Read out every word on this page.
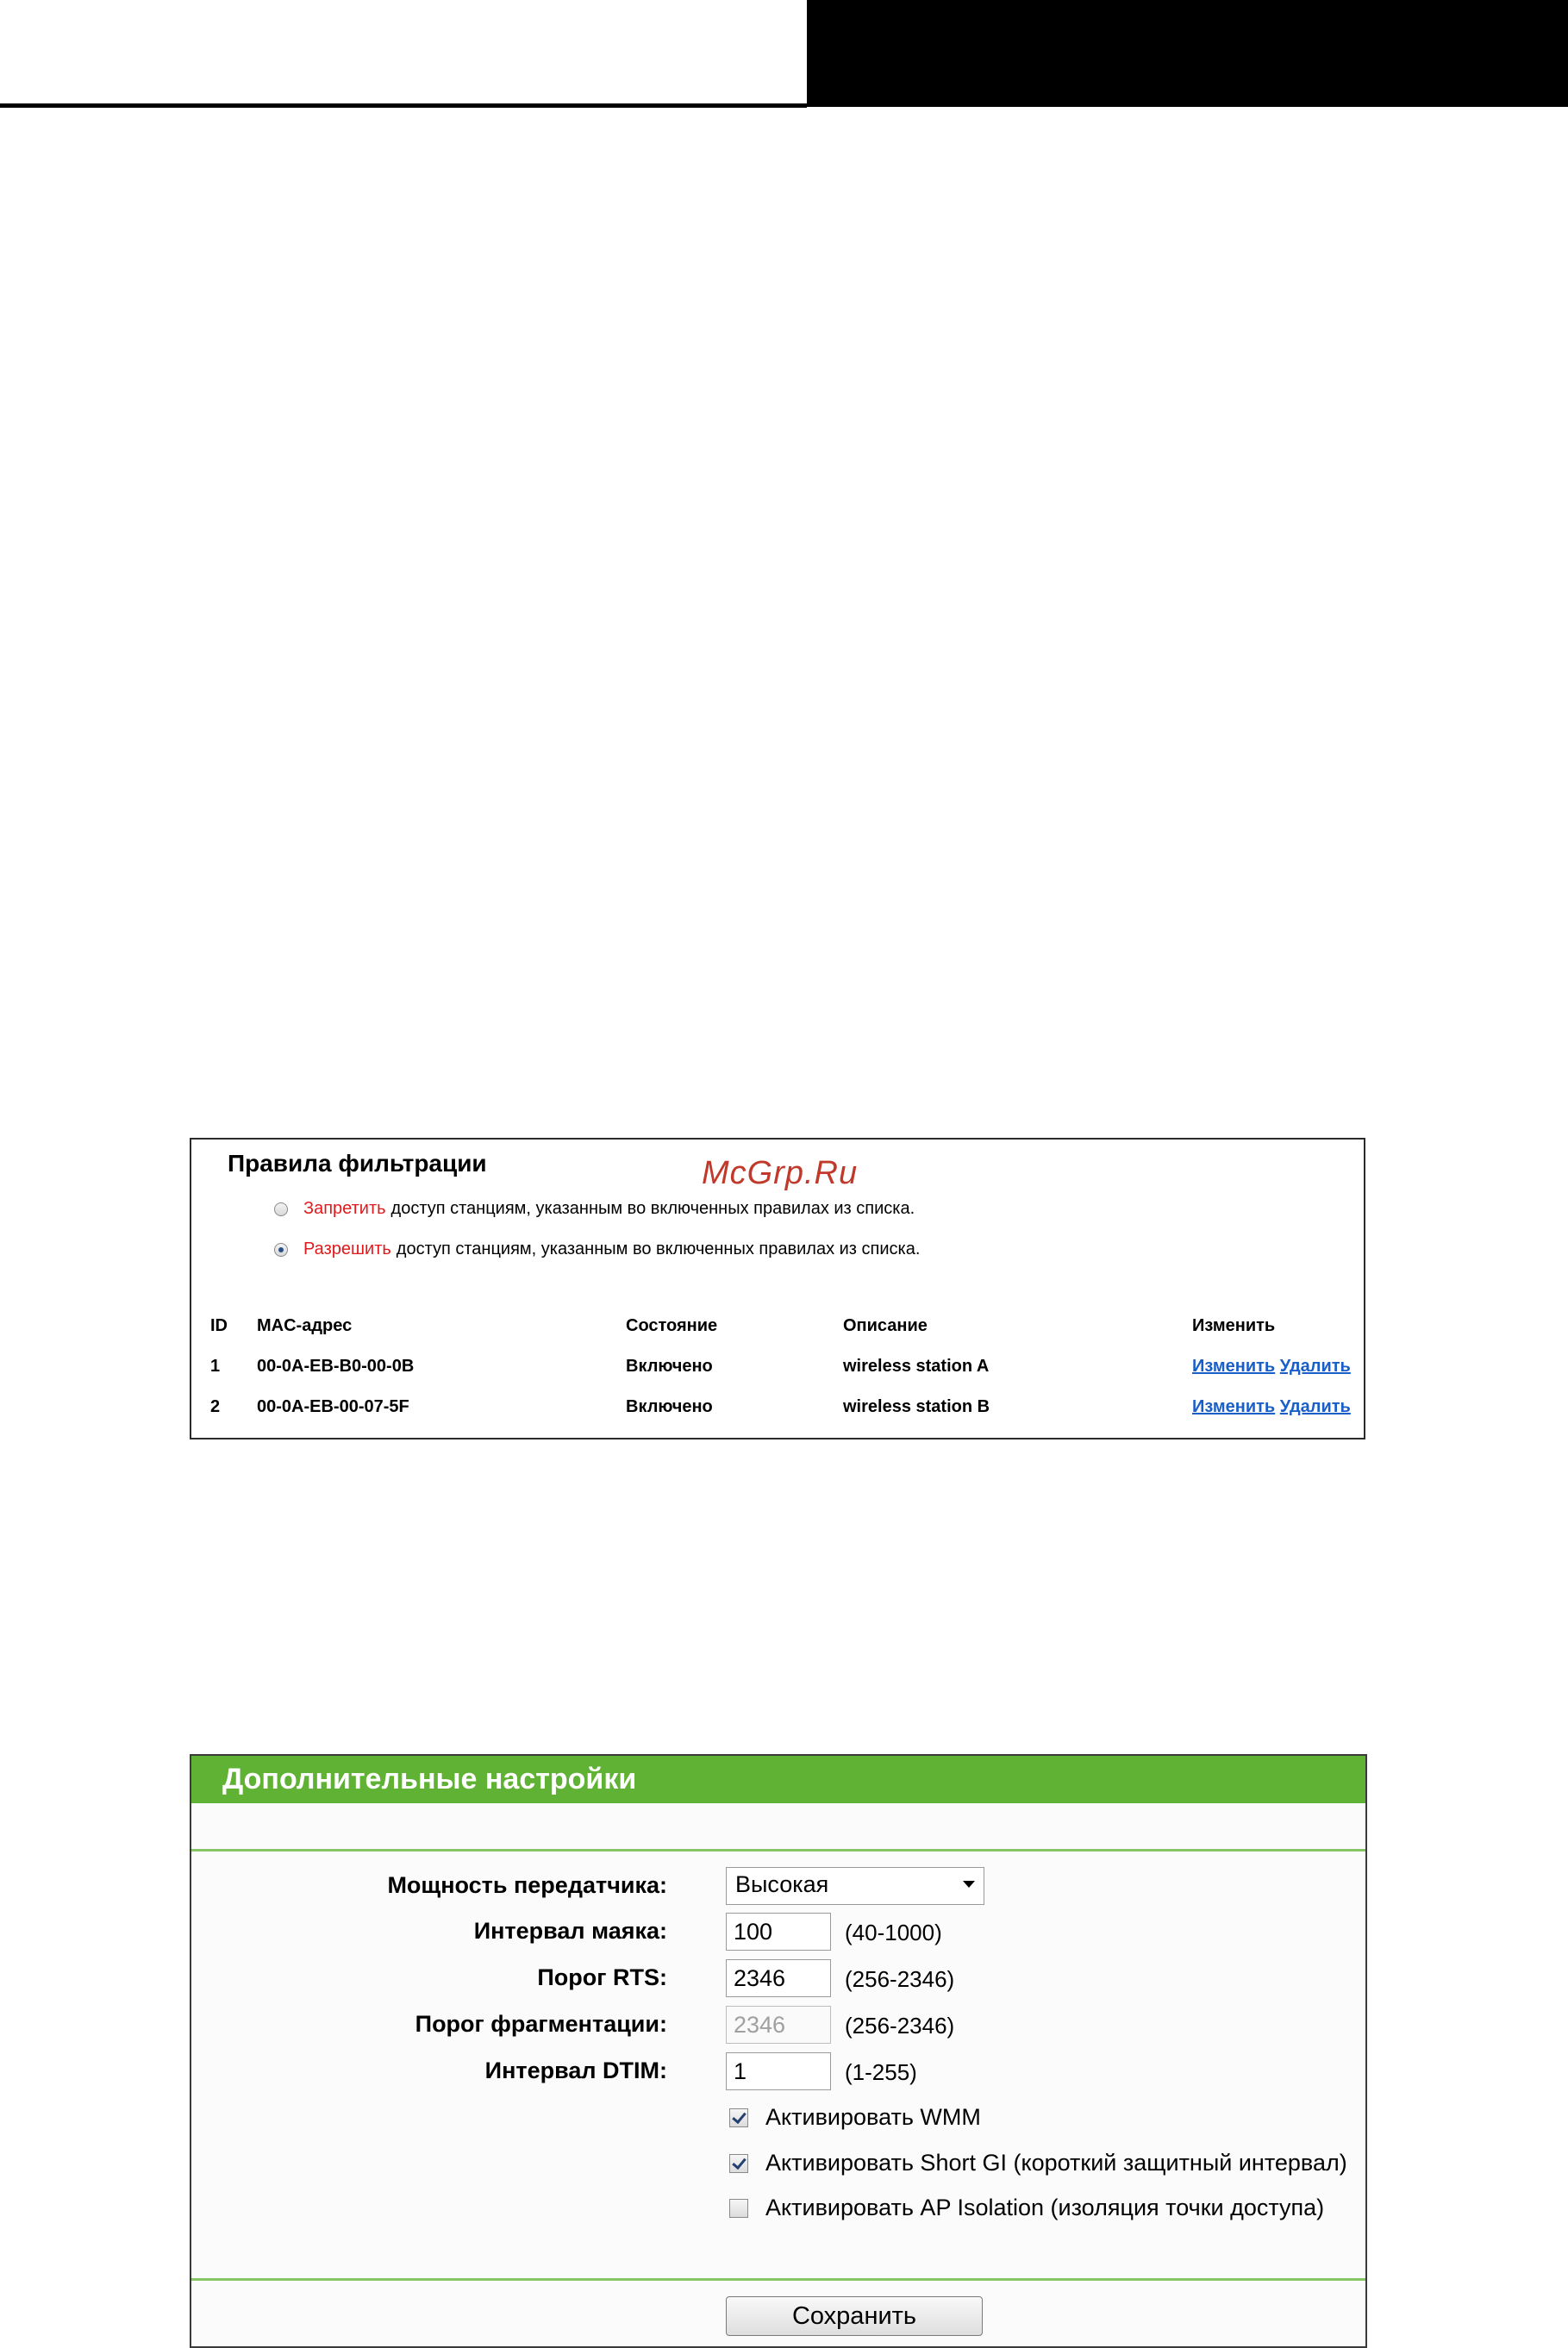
Правила фильтрации	McGrp.Ru
Запретить доступ станциям, указанным во включенных правилах из списка.
Разрешить доступ станциям, указанным во включенных правилах из списка.
ID MAC-адрес	Состояние	Описание	Изменить
1 00-0A-EB-B0-00-0B	Включено	wireless station A	Изменить Удалить
2 00-0A-EB-00-07-5F	Включено	wireless station B	Изменить Удалить
Дополнительные настройки
Мощность передатчика:	Высокая
Интервал маяка:
100	(40-1000)
Порог RTS:
2346	(256-2346)
Порог фрагментации:
2346	(256-2346)
Интервал DTIM:
1	(1-255)
Активировать WMM
Активировать Short GI (короткий защитный интервал)
Активировать AP Isolation (изоляция точки доступа)
Сохранить
